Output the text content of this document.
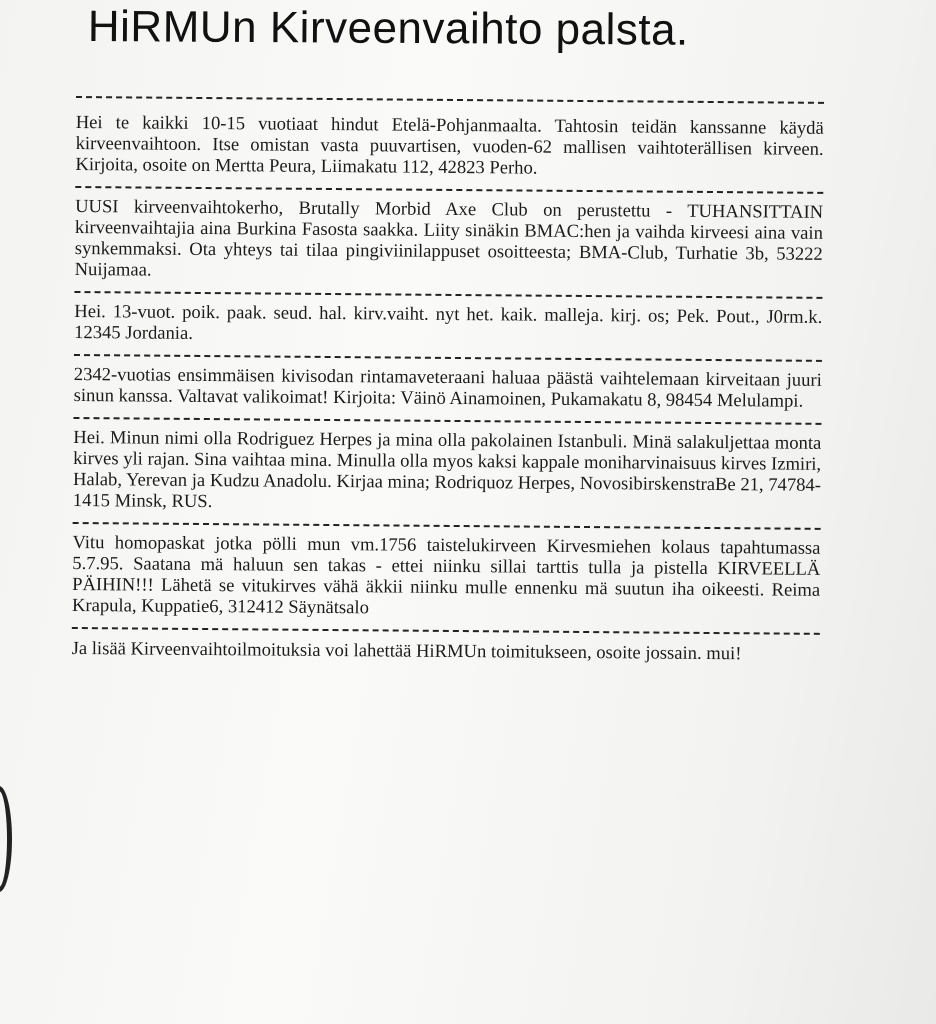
HiRMUn Kirveenvaihto palsta.

Hei te kaikki 10-15 vuotiaat hindut Etelä-Pohjanmaalta. Tahtosin teidän kanssanne käydä kirveenvaihtoon. Itse omistan vasta puuvartisen, vuoden-62 mallisen vaihtoterällisen kirveen. Kirjoita, osoite on Mertta Peura, Liimakatu 112, 42823 Perho.

UUSI kirveenvaihtokerho, Brutally Morbid Axe Club on perustettu - TUHANSITTAIN kirveenvaihtajia aina Burkina Fasosta saakka. Liity sinäkin BMAC:hen ja vaihda kirveesi aina vain synkemmaksi. Ota yhteys tai tilaa pingiviinilappuset osoitteesta; BMA-Club, Turhatie 3b, 53222 Nuijamaa.

Hei. 13-vuot. poik. paak. seud. hal. kirv.vaiht. nyt het. kaik. malleja. kirj. os; Pek. Pout., J0rm.k. 12345 Jordania.

2342-vuotias ensimmäisen kivisodan rintamaveteraani haluaa päästä vaihtelemaan kirveitaan juuri sinun kanssa. Valtavat valikoimat! Kirjoita: Väinö Ainamoinen, Pukamakatu 8, 98454 Melulampi.

Hei. Minun nimi olla Rodriguez Herpes ja mina olla pakolainen Istanbuli. Minä salakuljettaa monta kirves yli rajan. Sina vaihtaa mina. Minulla olla myos kaksi kappale moniharvinaisuus kirves Izmiri, Halab, Yerevan ja Kudzu Anadolu. Kirjaa mina; Rodriquoz Herpes, NovosibirskenstraBe 21, 74784-1415 Minsk, RUS.

Vitu homopaskat jotka pölli mun vm.1756 taistelukirveen Kirvesmiehen kolaus tapahtumassa 5.7.95. Saatana mä haluun sen takas - ettei niinku sillai tarttis tulla ja pistella KIRVEELLÄ PÄIHIN!!! Lähetä se vitukirves vähä äkkii niinku mulle ennenku mä suutun iha oikeesti. Reima Krapula, Kuppatie6, 312412 Säynätsalo

Ja lisää Kirveenvaihtoilmoituksia voi lahettää HiRMUn toimitukseen, osoite jossain. mui!
